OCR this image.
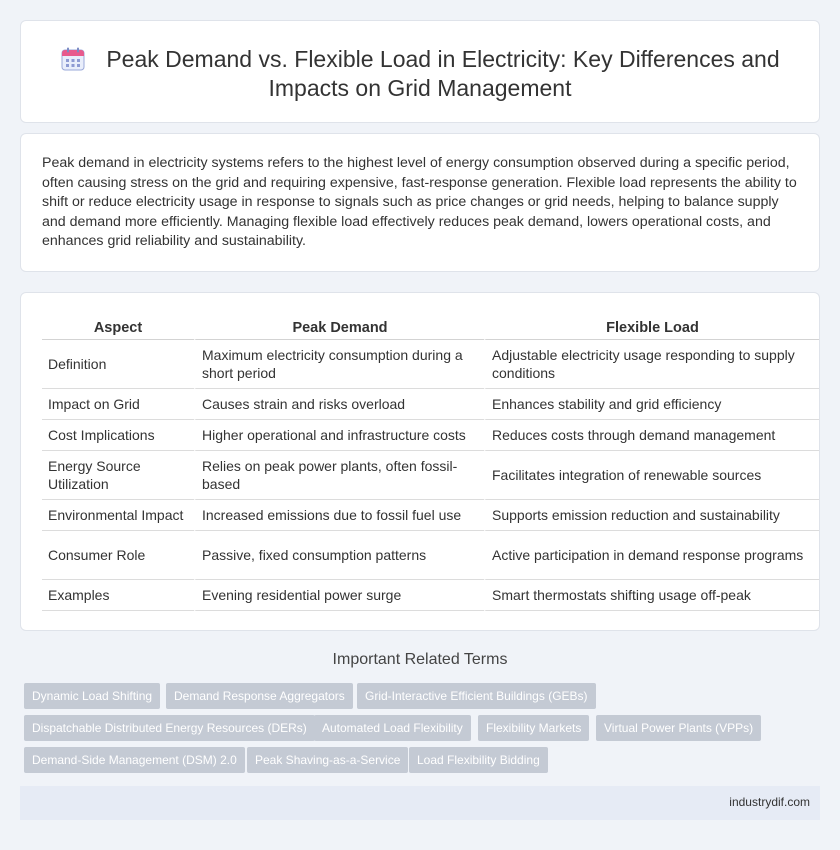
Peak Demand vs. Flexible Load in Electricity: Key Differences and
Impacts on Grid Management

Peak demand in electricity systems refers to the highest level of energy consumption observed during a specific period, often causing stress on the grid and requiring expensive, fast-response generation. Flexible load represents the ability to shift or reduce electricity usage in response to signals such as price changes or grid needs, helping to balance supply and demand more efficiently. Managing flexible load effectively reduces peak demand, lowers operational costs, and enhances grid reliability and sustainability.

Aspect	Peak Demand	Flexible Load
Definition	Maximum electricity consumption during a short period	Adjustable electricity usage responding to supply conditions
Impact on Grid	Causes strain and risks overload	Enhances stability and grid efficiency
Cost Implications	Higher operational and infrastructure costs	Reduces costs through demand management
Energy Source Utilization	Relies on peak power plants, often fossil-based	Facilitates integration of renewable sources
Environmental Impact	Increased emissions due to fossil fuel use	Supports emission reduction and sustainability
Consumer Role	Passive, fixed consumption patterns	Active participation in demand response programs
Examples	Evening residential power surge	Smart thermostats shifting usage off-peak
Important Related Terms
Dynamic Load Shifting	Demand Response Aggregators	Grid-Interactive Efficient Buildings (GEBs)
Dispatchable Distributed Energy Resources (DERs)	Automated Load Flexibility	Flexibility Markets	Virtual Power Plants (VPPs)
Demand-Side Management (DSM) 2.0	Peak Shaving-as-a-Service	Load Flexibility Bidding
industrydif.com
